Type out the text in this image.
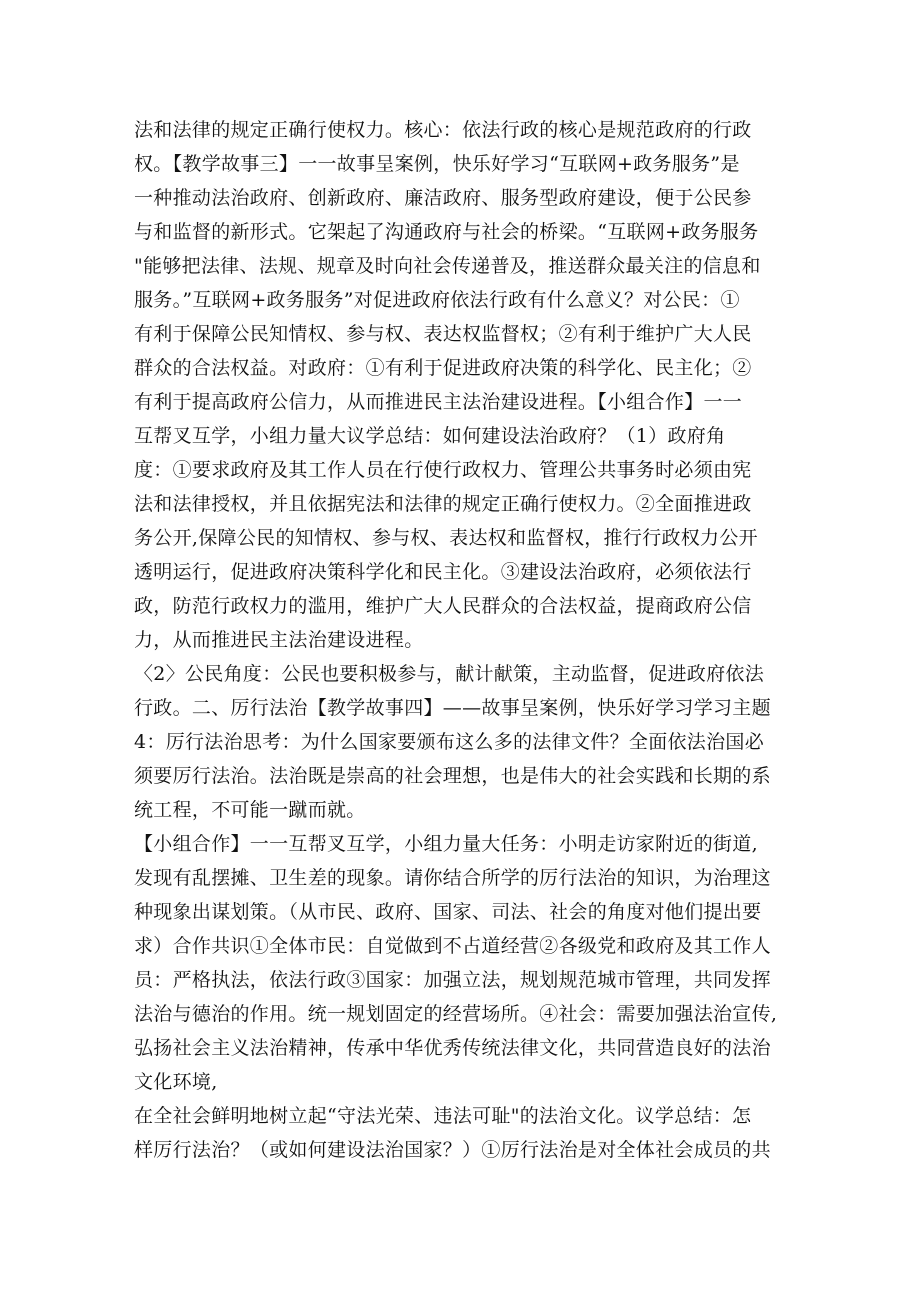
法和法律的规定正确行使权力。核心：依法行政的核心是规范政府的行政
权。【教学故事三】一一故事呈案例，快乐好学习“互联网+政务服务”是
一种推动法治政府、创新政府、廉洁政府、服务型政府建设，便于公民参
与和监督的新形式。它架起了沟通政府与社会的桥梁。“互联网+政务服务
"能够把法律、法规、规章及时向社会传递普及，推送群众最关注的信息和
服务。”互联网+政务服务”对促进政府依法行政有什么意义？对公民：①
有利于保障公民知情权、参与权、表达权监督权；②有利于维护广大人民
群众的合法权益。对政府：①有利于促进政府决策的科学化、民主化；②
有利于提高政府公信力，从而推进民主法治建设进程。【小组合作】一一
互帮叉互学，小组力量大议学总结：如何建设法治政府？（1）政府角
度：①要求政府及其工作人员在行使行政权力、管理公共事务时必须由宪
法和法律授权，并且依据宪法和法律的规定正确行使权力。②全面推进政
务公开,保障公民的知情权、参与权、表达权和监督权，推行行政权力公开
透明运行，促进政府决策科学化和民主化。③建设法治政府，必须依法行
政，防范行政权力的滥用，维护广大人民群众的合法权益，提商政府公信
力，从而推进民主法治建设进程。
〈2〉公民角度：公民也要积极参与，献计献策，主动监督，促进政府依法
行政。二、厉行法治【教学故事四】——故事呈案例，快乐好学习学习主题
4：厉行法治思考：为什么国家要颁布这么多的法律文件？全面依法治国必
须要厉行法治。法治既是崇高的社会理想，也是伟大的社会实践和长期的系
统工程，不可能一蹴而就。
【小组合作】一一互帮叉互学，小组力量大任务：小明走访家附近的街道,
发现有乱摆摊、卫生差的现象。请你结合所学的厉行法治的知识，为治理这
种现象出谋划策。（从市民、政府、国家、司法、社会的角度对他们提出要
求）合作共识①全体市民：自觉做到不占道经营②各级党和政府及其工作人
员：严格执法，依法行政③国家：加强立法，规划规范城市管理，共同发挥
法治与德治的作用。统一规划固定的经营场所。④社会：需要加强法治宣传,
弘扬社会主义法治精神，传承中华优秀传统法律文化，共同营造良好的法治
文化环境,
在全社会鲜明地树立起“守法光荣、违法可耻"的法治文化。议学总结：怎
样厉行法治？（或如何建设法治国家？）①厉行法治是对全体社会成员的共
